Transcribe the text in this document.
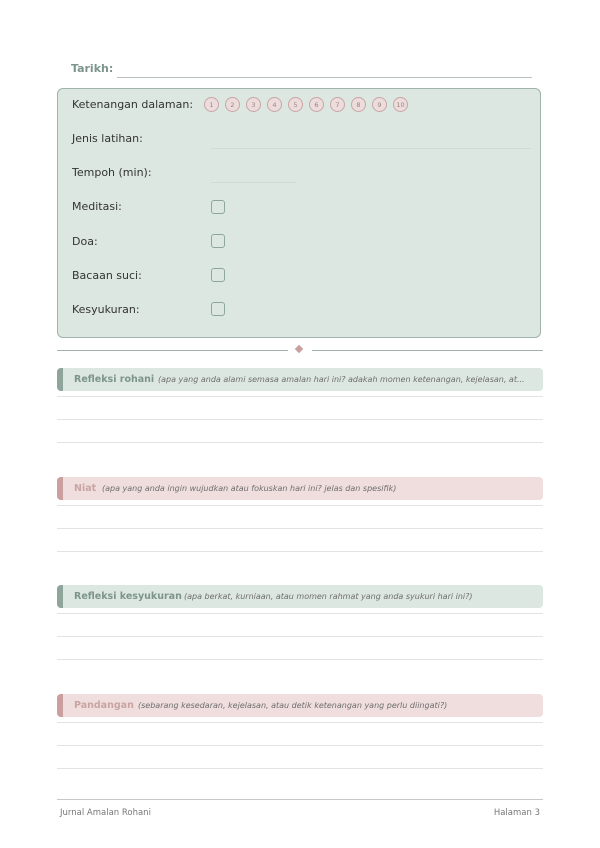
Tarikh:
Ketenangan dalaman:	1	2	3	4	5	6	7	8	9	10
Jenis latihan:
Tempoh (min):
Meditasi:
Doa:
Bacaan suci:
Kesyukuran:
Refleksi rohani (apa yang anda alami semasa amalan hari ini? adakah momen ketenangan, kejelasan, at...
Niat (apa yang anda ingin wujudkan atau fokuskan hari ini? jelas dan spesifik)
Refleksi kesyukuran (apa berkat, kurniaan, atau momen rahmat yang anda syukuri hari ini?)
Pandangan (sebarang kesedaran, kejelasan, atau detik ketenangan yang perlu diingati?)
Jurnal Amalan Rohani	Halaman 3
